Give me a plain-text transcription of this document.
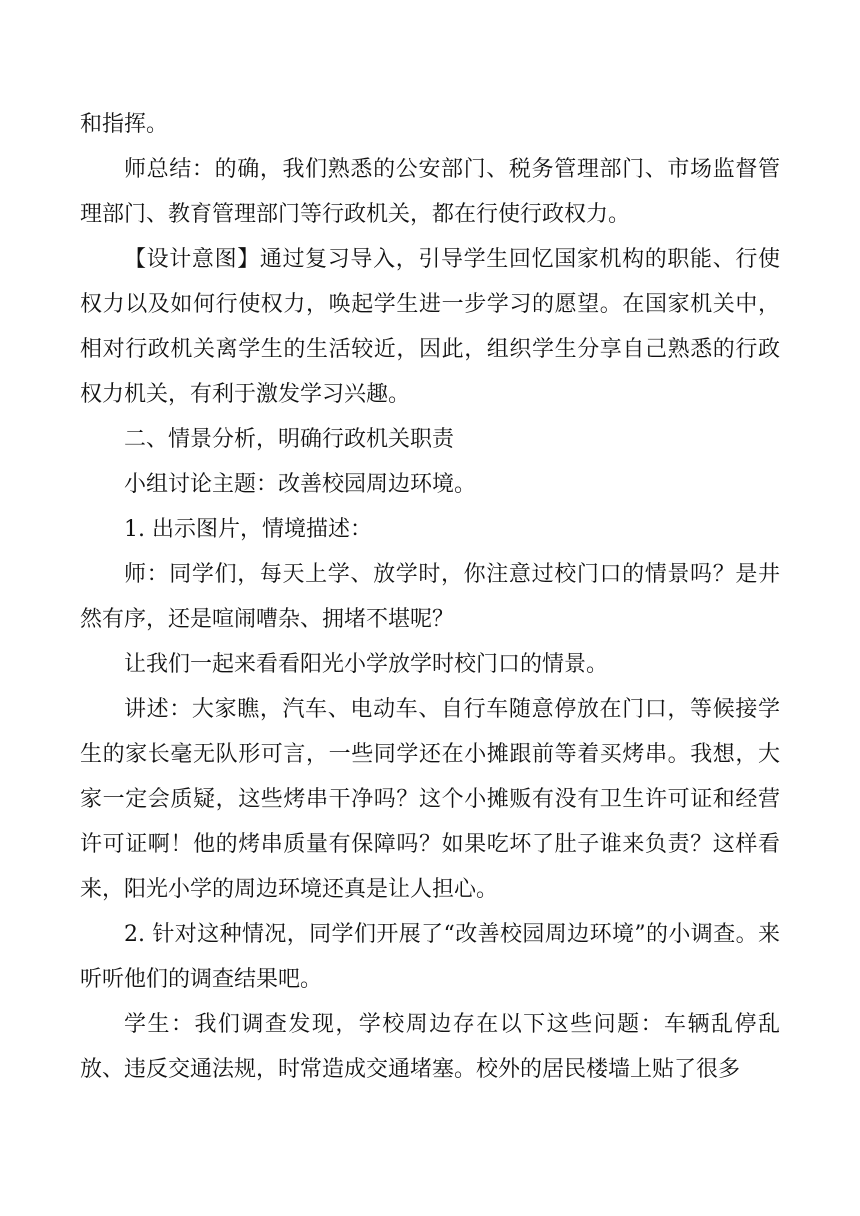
和指挥。

师总结：的确，我们熟悉的公安部门、税务管理部门、市场监督管理部门、教育管理部门等行政机关，都在行使行政权力。

【设计意图】通过复习导入，引导学生回忆国家机构的职能、行使权力以及如何行使权力，唤起学生进一步学习的愿望。在国家机关中，相对行政机关离学生的生活较近，因此，组织学生分享自己熟悉的行政权力机关，有利于激发学习兴趣。

二、情景分析，明确行政机关职责

小组讨论主题：改善校园周边环境。

1. 出示图片，情境描述：

师：同学们，每天上学、放学时，你注意过校门口的情景吗？是井然有序，还是喧闹嘈杂、拥堵不堪呢？

让我们一起来看看阳光小学放学时校门口的情景。

讲述：大家瞧，汽车、电动车、自行车随意停放在门口，等候接学生的家长毫无队形可言，一些同学还在小摊跟前等着买烤串。我想，大家一定会质疑，这些烤串干净吗？这个小摊贩有没有卫生许可证和经营许可证啊！他的烤串质量有保障吗？如果吃坏了肚子谁来负责？这样看来，阳光小学的周边环境还真是让人担心。

2. 针对这种情况，同学们开展了“改善校园周边环境”的小调查。来听听他们的调查结果吧。

学生：我们调查发现，学校周边存在以下这些问题：车辆乱停乱放、违反交通法规，时常造成交通堵塞。校外的居民楼墙上贴了很多
